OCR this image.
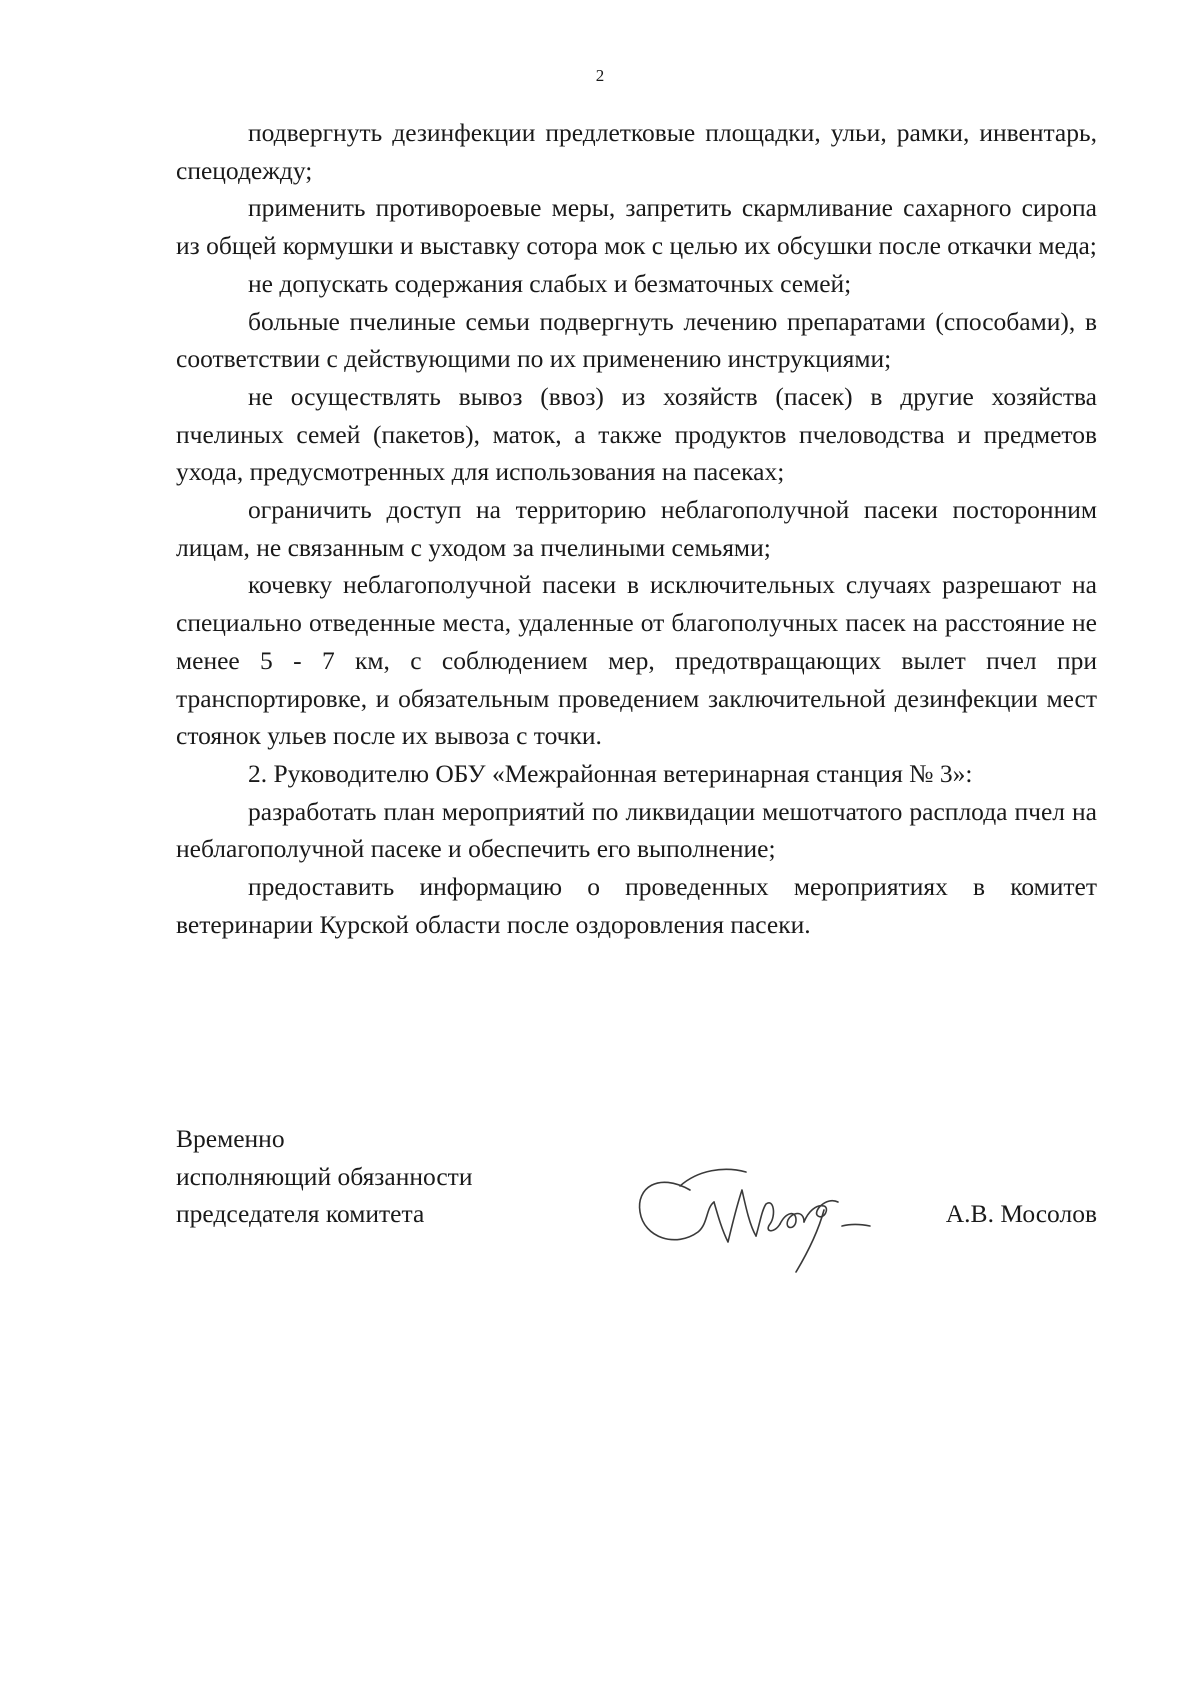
2

подвергнуть дезинфекции предлетковые площадки, ульи, рамки, инвентарь, спецодежду;

применить противороевые меры, запретить скармливание сахарного сиропа из общей кормушки и выставку сотора мок с целью их обсушки после откачки меда;

не допускать содержания слабых и безматочных семей;

больные пчелиные семьи подвергнуть лечению препаратами (способами), в соответствии с действующими по их применению инструкциями;

не осуществлять вывоз (ввоз) из хозяйств (пасек) в другие хозяйства пчелиных семей (пакетов), маток, а также продуктов пчеловодства и предметов ухода, предусмотренных для использования на пасеках;

ограничить доступ на территорию неблагополучной пасеки посторонним лицам, не связанным с уходом за пчелиными семьями;

кочевку неблагополучной пасеки в исключительных случаях разрешают на специально отведенные места, удаленные от благополучных пасек на расстояние не менее 5 - 7 км, с соблюдением мер, предотвращающих вылет пчел при транспортировке, и обязательным проведением заключительной дезинфекции мест стоянок ульев после их вывоза с точки.

2. Руководителю ОБУ «Межрайонная ветеринарная станция № 3»:

разработать план мероприятий по ликвидации мешотчатого расплода пчел на неблагополучной пасеке и обеспечить его выполнение;

предоставить информацию о проведенных мероприятиях в комитет ветеринарии Курской области после оздоровления пасеки.

Временно
исполняющий обязанности
председателя комитета	А.В. Мосолов
